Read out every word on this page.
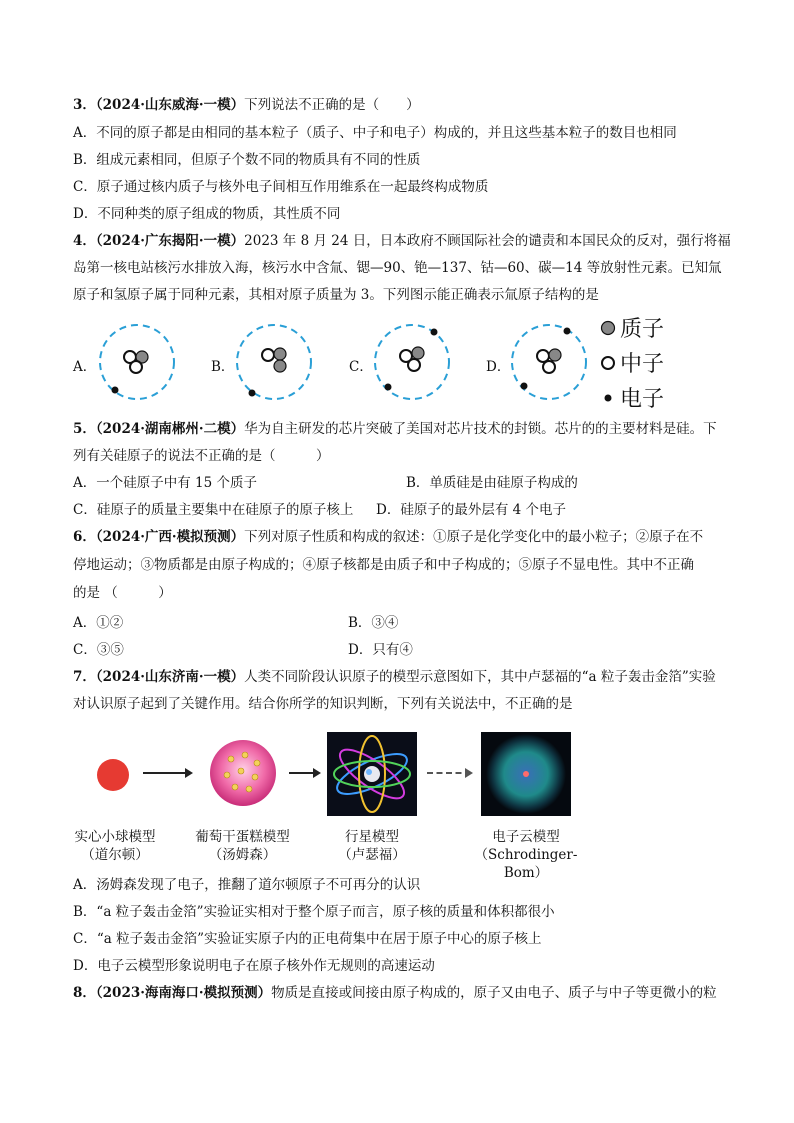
3．（2024·山东威海·一模）下列说法不正确的是（　　）
A．不同的原子都是由相同的基本粒子（质子、中子和电子）构成的，并且这些基本粒子的数目也相同
B．组成元素相同，但原子个数不同的物质具有不同的性质
C．原子通过核内质子与核外电子间相互作用维系在一起最终构成物质
D．不同种类的原子组成的物质，其性质不同
4．（2024·广东揭阳·一模）2023 年 8 月 24 日，日本政府不顾国际社会的谴责和本国民众的反对，强行将福
岛第一核电站核污水排放入海，核污水中含氚、锶—90、铯—137、钴—60、碳—14 等放射性元素。已知氚
原子和氢原子属于同种元素，其相对原子质量为 3。下列图示能正确表示氚原子结构的是
A．	B．	C．	D．
质子
中子
电子
5．（2024·湖南郴州·二模）华为自主研发的芯片突破了美国对芯片技术的封锁。芯片的的主要材料是硅。下
列有关硅原子的说法不正确的是（　　　）
A．一个硅原子中有 15 个质子	B．单质硅是由硅原子构成的
C．硅原子的质量主要集中在硅原子的原子核上 D．硅原子的最外层有 4 个电子
6．（2024·广西·模拟预测）下列对原子性质和构成的叙述：①原子是化学变化中的最小粒子；②原子在不
停地运动；③物质都是由原子构成的；④原子核都是由质子和中子构成的；⑤原子不显电性。其中不正确
的是 （　　　）
A．①②	B．③④
C．③⑤	D．只有④
7．（2024·山东济南·一模）人类不同阶段认识原子的模型示意图如下，其中卢瑟福的“a 粒子轰击金箔”实验
对认识原子起到了关键作用。结合你所学的知识判断，下列有关说法中，不正确的是
实心小球模型
（道尔顿）
葡萄干蛋糕模型
（汤姆森）
行星模型
（卢瑟福）
电子云模型
（Schrodinger-Bom）
A．汤姆森发现了电子，推翻了道尔顿原子不可再分的认识
B．“a 粒子轰击金箔”实验证实相对于整个原子而言，原子核的质量和体积都很小
C．“a 粒子轰击金箔”实验证实原子内的正电荷集中在居于原子中心的原子核上
D．电子云模型形象说明电子在原子核外作无规则的高速运动
8．（2023·海南海口·模拟预测）物质是直接或间接由原子构成的，原子又由电子、质子与中子等更微小的粒
